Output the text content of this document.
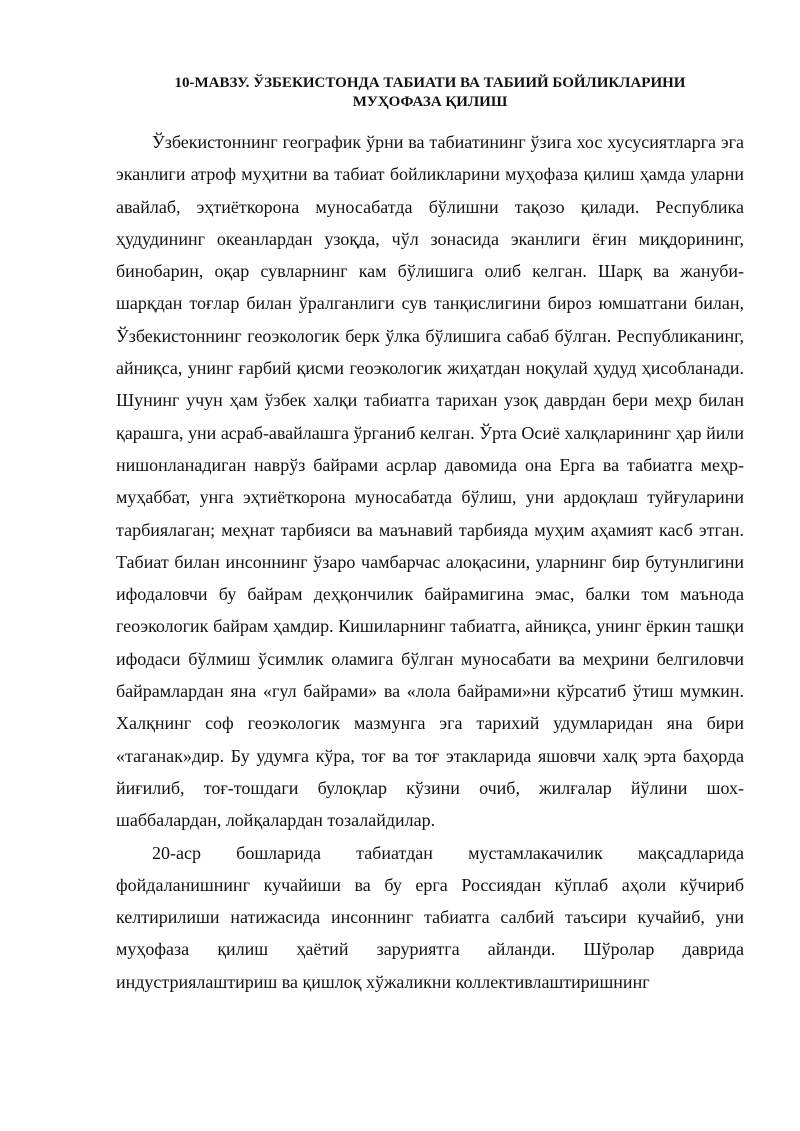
10-МАВЗУ. ЎЗБЕКИСТОНДА ТАБИАТИ ВА ТАБИИЙ БОЙЛИКЛАРИНИ
МУҲОФАЗА ҚИЛИШ

Ўзбекистоннинг географик ўрни ва табиатининг ўзига хос хусусиятларга эга эканлиги атроф муҳитни ва табиат бойликларини муҳофаза қилиш ҳамда уларни авайлаб, эҳтиёткорона муносабатда бўлишни тақозо қилади. Республика ҳудудининг океанлардан узоқда, чўл зонасида эканлиги ёғин миқдорининг, бинобарин, оқар сувларнинг кам бўлишига олиб келган. Шарқ ва жануби-шарқдан тоғлар билан ўралганлиги сув танқислигини бироз юмшатгани билан, Ўзбекистоннинг геоэкологик берк ўлка бўлишига сабаб бўлган. Республиканинг, айниқса, унинг ғарбий қисми геоэкологик жиҳатдан ноқулай ҳудуд ҳисобланади. Шунинг учун ҳам ўзбек халқи табиатга тарихан узоқ даврдан бери меҳр билан қарашга, уни асраб-авайлашга ўрганиб келган. Ўрта Осиё халқларининг ҳар йили нишонланадиган наврўз байрами асрлар давомида она Ерга ва табиатга меҳр-муҳаббат, унга эҳтиёткорона муносабатда бўлиш, уни ардоқлаш туйғуларини тарбиялаган; меҳнат тарбияси ва маънавий тарбияда муҳим аҳамият касб этган. Табиат билан инсоннинг ўзаро чамбарчас алоқасини, уларнинг бир бутунлигини ифодаловчи бу байрам деҳқончилик байрамигина эмас, балки том маънода геоэкологик байрам ҳамдир. Кишиларнинг табиатга, айниқса, унинг ёркин ташқи ифодаси бўлмиш ўсимлик оламига бўлган муносабати ва меҳрини белгиловчи байрамлардан яна «гул байрами» ва «лола байрами»ни кўрсатиб ўтиш мумкин. Халқнинг соф геоэкологик мазмунга эга тарихий удумларидан яна бири «таганак»дир. Бу удумга кўра, тоғ ва тоғ этакларида яшовчи халқ эрта баҳорда йиғилиб, тоғ-тошдаги булоқлар кўзини очиб, жилғалар йўлини шох-шаббалардан, лойқалардан тозалайдилар.

20-аср бошларида табиатдан мустамлакачилик мақсадларида фойдаланишнинг кучайиши ва бу ерга Россиядан кўплаб аҳоли кўчириб келтирилиши натижасида инсоннинг табиатга салбий таъсири кучайиб, уни муҳофаза қилиш ҳаётий заруриятга айланди. Шўролар даврида индустриялаштириш ва қишлоқ хўжаликни коллективлаштиришнинг
